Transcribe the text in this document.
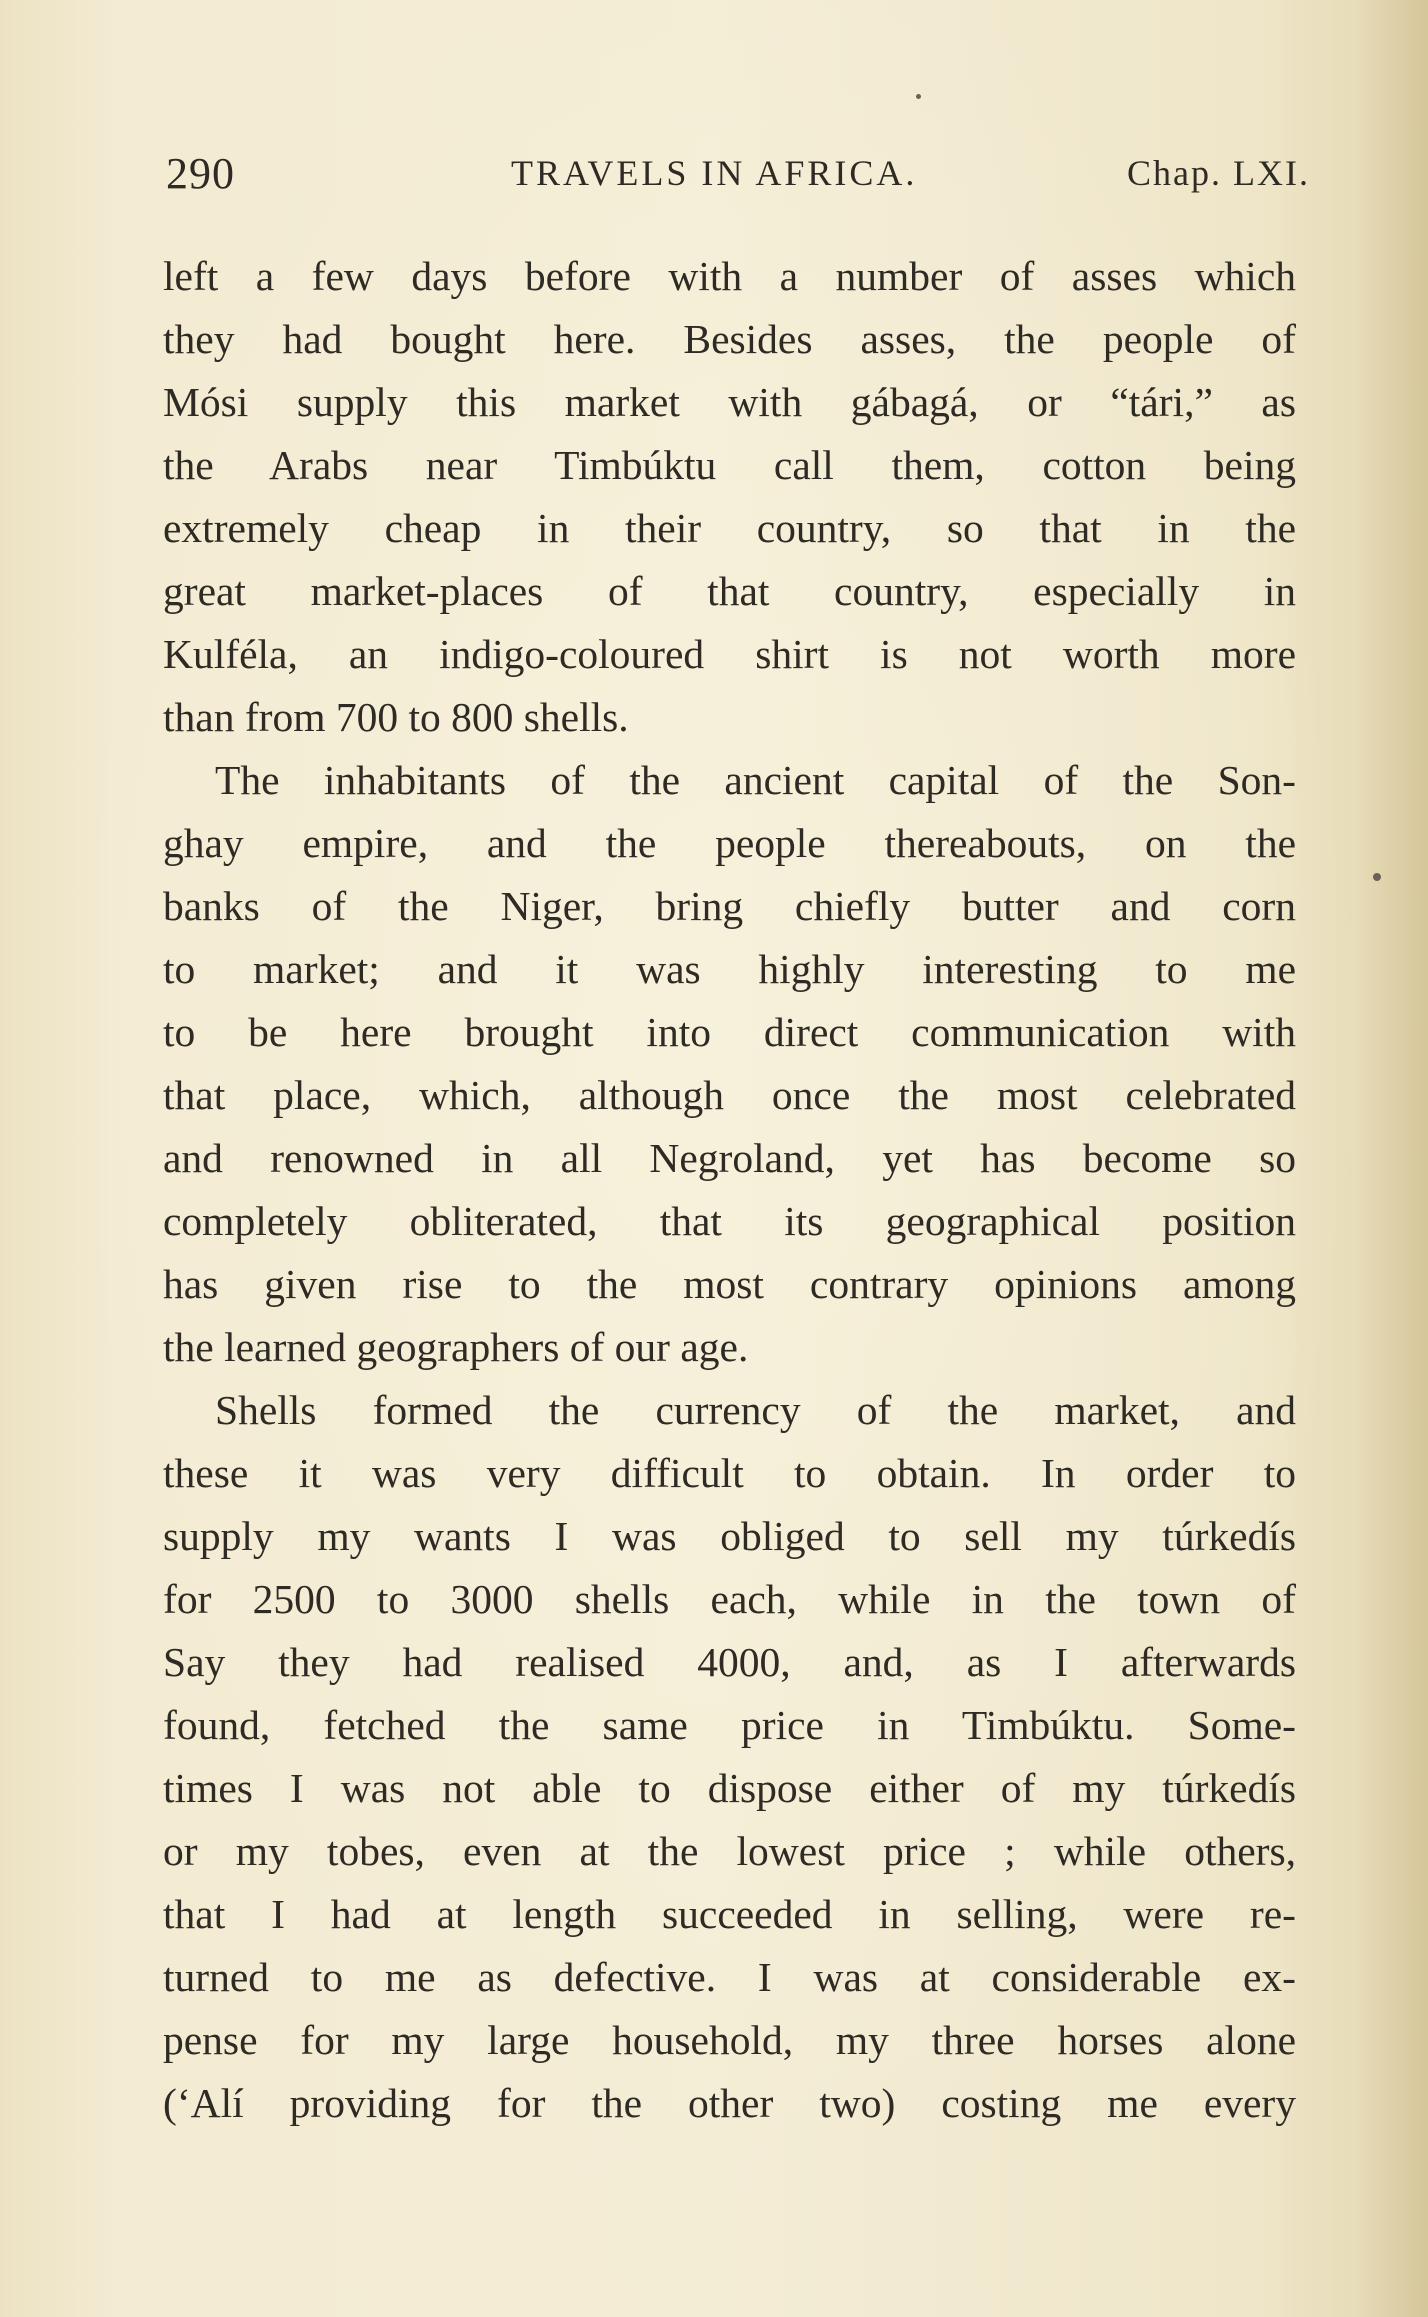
290	TRAVELS IN AFRICA.	Chap. LXI.
left a few days before with a number of asses which
they had bought here. Besides asses, the people of
Mósi supply this market with gábagá, or “tári,” as
the Arabs near Timbúktu call them, cotton being
extremely cheap in their country, so that in the
great market-places of that country, especially in
Kulféla, an indigo-coloured shirt is not worth more
than from 700 to 800 shells.
The inhabitants of the ancient capital of the Son-
ghay empire, and the people thereabouts, on the
banks of the Niger, bring chiefly butter and corn
to market; and it was highly interesting to me
to be here brought into direct communication with
that place, which, although once the most celebrated
and renowned in all Negroland, yet has become so
completely obliterated, that its geographical position
has given rise to the most contrary opinions among
the learned geographers of our age.
Shells formed the currency of the market, and
these it was very difficult to obtain. In order to
supply my wants I was obliged to sell my túrkedís
for 2500 to 3000 shells each, while in the town of
Say they had realised 4000, and, as I afterwards
found, fetched the same price in Timbúktu. Some-
times I was not able to dispose either of my túrkedís
or my tobes, even at the lowest price ; while others,
that I had at length succeeded in selling, were re-
turned to me as defective. I was at considerable ex-
pense for my large household, my three horses alone
(‘Alí providing for the other two) costing me every
